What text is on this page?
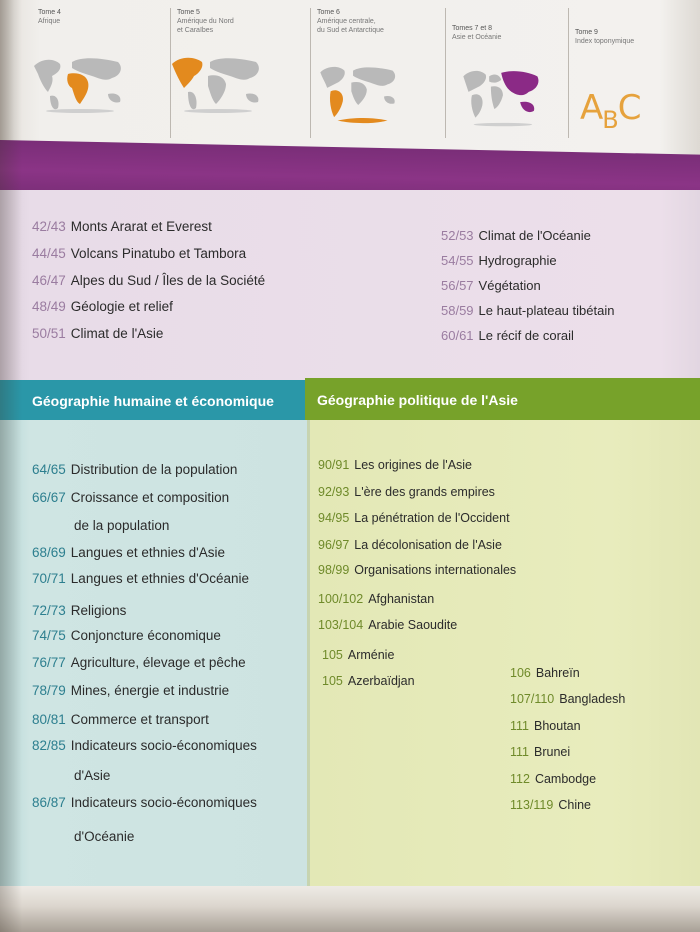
Tome 4
Afrique
Tome 5
Amérique du Nord
et Caraïbes
Tome 6
Amérique centrale,
du Sud et Antarctique	Tomes 7 et 8
Asie et Océanie
Tome 9
Index toponymique
$A_BC$
42/43 Monts Ararat et Everest
44/45 Volcans Pinatubo et Tambora
46/47 Alpes du Sud / Îles de la Société
48/49 Géologie et relief
50/51 Climat de l'Asie
52/53 Climat de l'Océanie
54/55 Hydrographie
56/57 Végétation
58/59 Le haut-plateau tibétain
60/61 Le récif de corail
Géographie humaine et économique	Géographie politique de l'Asie
64/65 Distribution de la population
66/67 Croissance et composition
de la population
68/69 Langues et ethnies d'Asie
70/71 Langues et ethnies d'Océanie
72/73 Religions
74/75 Conjoncture économique
76/77 Agriculture, élevage et pêche
78/79 Mines, énergie et industrie
80/81 Commerce et transport
82/85 Indicateurs socio-économiques
d'Asie
86/87 Indicateurs socio-économiques
d'Océanie
90/91 Les origines de l'Asie
92/93 L'ère des grands empires
94/95 La pénétration de l'Occident
96/97 La décolonisation de l'Asie
98/99 Organisations internationales
100/102 Afghanistan
103/104 Arabie Saoudite
105 Arménie
105 Azerbaïdjan
106 Bahreïn
107/110 Bangladesh
111 Bhoutan
111 Brunei
112 Cambodge
113/119 Chine
